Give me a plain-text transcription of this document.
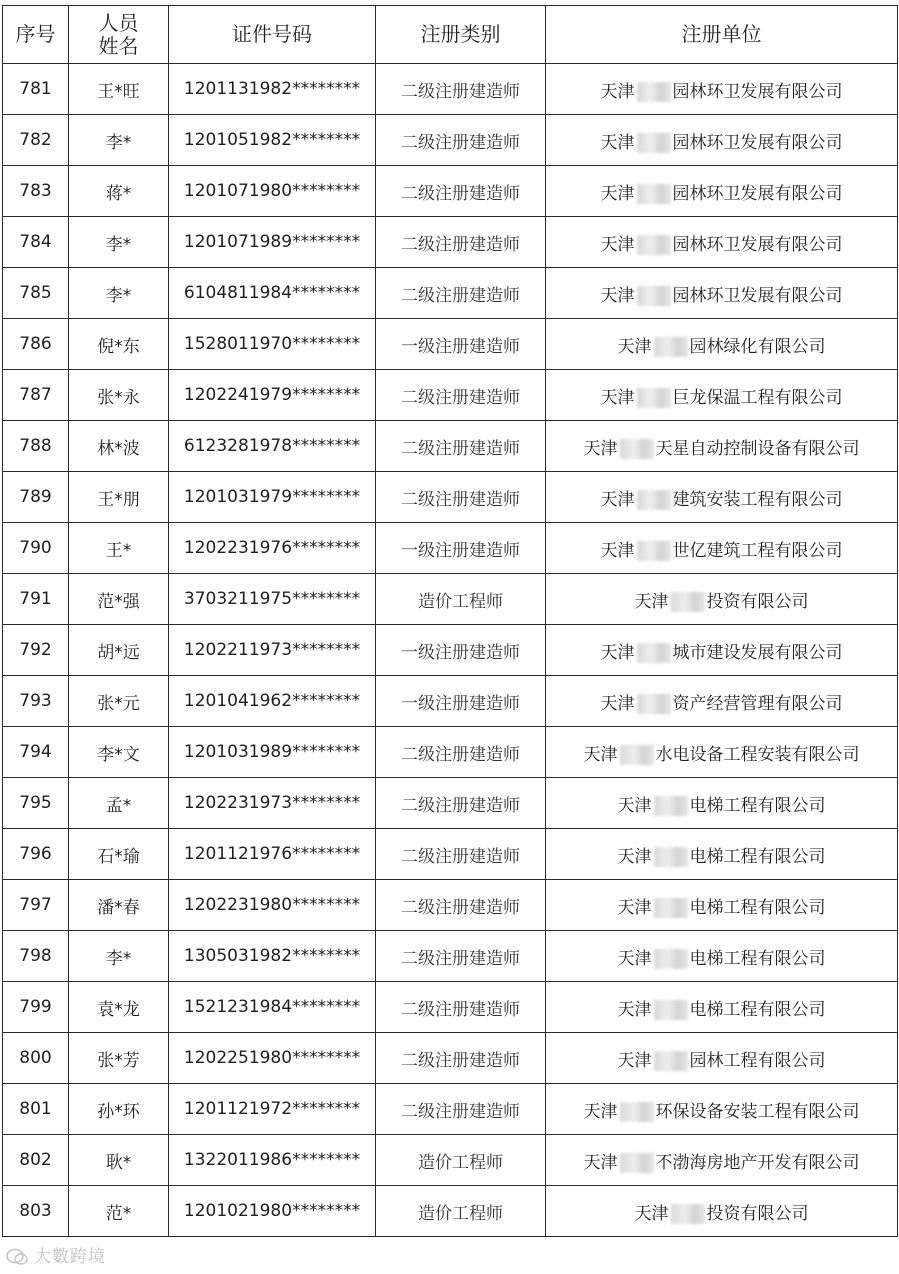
序号	人员姓名	证件号码	注册类别	注册单位
781	王*旺	1201131982********	二级注册建造师	天津 园林环卫发展有限公司
782	李*	1201051982********	二级注册建造师	天津 园林环卫发展有限公司
783	蒋*	1201071980********	二级注册建造师	天津 园林环卫发展有限公司
784	李*	1201071989********	二级注册建造师	天津 园林环卫发展有限公司
785	李*	6104811984********	二级注册建造师	天津 园林环卫发展有限公司
786	倪*东	1528011970********	一级注册建造师	天津 园林绿化有限公司
787	张*永	1202241979********	二级注册建造师	天津 巨龙保温工程有限公司
788	林*波	6123281978********	二级注册建造师	天津 天星自动控制设备有限公司
789	王*朋	1201031979********	二级注册建造师	天津 建筑安装工程有限公司
790	王*	1202231976********	一级注册建造师	天津 世亿建筑工程有限公司
791	范*强	3703211975********	造价工程师	天津 投资有限公司
792	胡*远	1202211973********	一级注册建造师	天津 城市建设发展有限公司
793	张*元	1201041962********	一级注册建造师	天津 资产经营管理有限公司
794	李*文	1201031989********	二级注册建造师	天津 水电设备工程安装有限公司
795	孟*	1202231973********	二级注册建造师	天津 电梯工程有限公司
796	石*瑜	1201121976********	二级注册建造师	天津 电梯工程有限公司
797	潘*春	1202231980********	二级注册建造师	天津 电梯工程有限公司
798	李*	1305031982********	二级注册建造师	天津 电梯工程有限公司
799	袁*龙	1521231984********	二级注册建造师	天津 电梯工程有限公司
800	张*芳	1202251980********	二级注册建造师	天津 园林工程有限公司
801	孙*环	1201121972********	二级注册建造师	天津 环保设备安装工程有限公司
802	耿*	1322011986********	造价工程师	天津 不渤海房地产开发有限公司
803	范*	1201021980********	造价工程师	天津 投资有限公司
大數跨境
